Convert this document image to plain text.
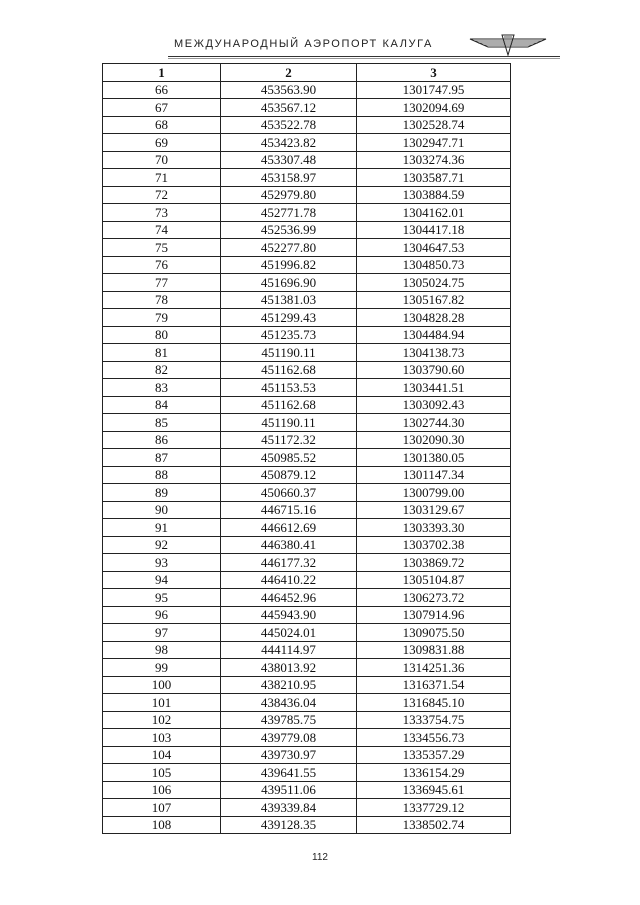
МЕЖДУНАРОДНЫЙ АЭРОПОРТ КАЛУГА
1	2	3
66	453563.90	1301747.95
67	453567.12	1302094.69
68	453522.78	1302528.74
69	453423.82	1302947.71
70	453307.48	1303274.36
71	453158.97	1303587.71
72	452979.80	1303884.59
73	452771.78	1304162.01
74	452536.99	1304417.18
75	452277.80	1304647.53
76	451996.82	1304850.73
77	451696.90	1305024.75
78	451381.03	1305167.82
79	451299.43	1304828.28
80	451235.73	1304484.94
81	451190.11	1304138.73
82	451162.68	1303790.60
83	451153.53	1303441.51
84	451162.68	1303092.43
85	451190.11	1302744.30
86	451172.32	1302090.30
87	450985.52	1301380.05
88	450879.12	1301147.34
89	450660.37	1300799.00
90	446715.16	1303129.67
91	446612.69	1303393.30
92	446380.41	1303702.38
93	446177.32	1303869.72
94	446410.22	1305104.87
95	446452.96	1306273.72
96	445943.90	1307914.96
97	445024.01	1309075.50
98	444114.97	1309831.88
99	438013.92	1314251.36
100	438210.95	1316371.54
101	438436.04	1316845.10
102	439785.75	1333754.75
103	439779.08	1334556.73
104	439730.97	1335357.29
105	439641.55	1336154.29
106	439511.06	1336945.61
107	439339.84	1337729.12
108	439128.35	1338502.74
112
